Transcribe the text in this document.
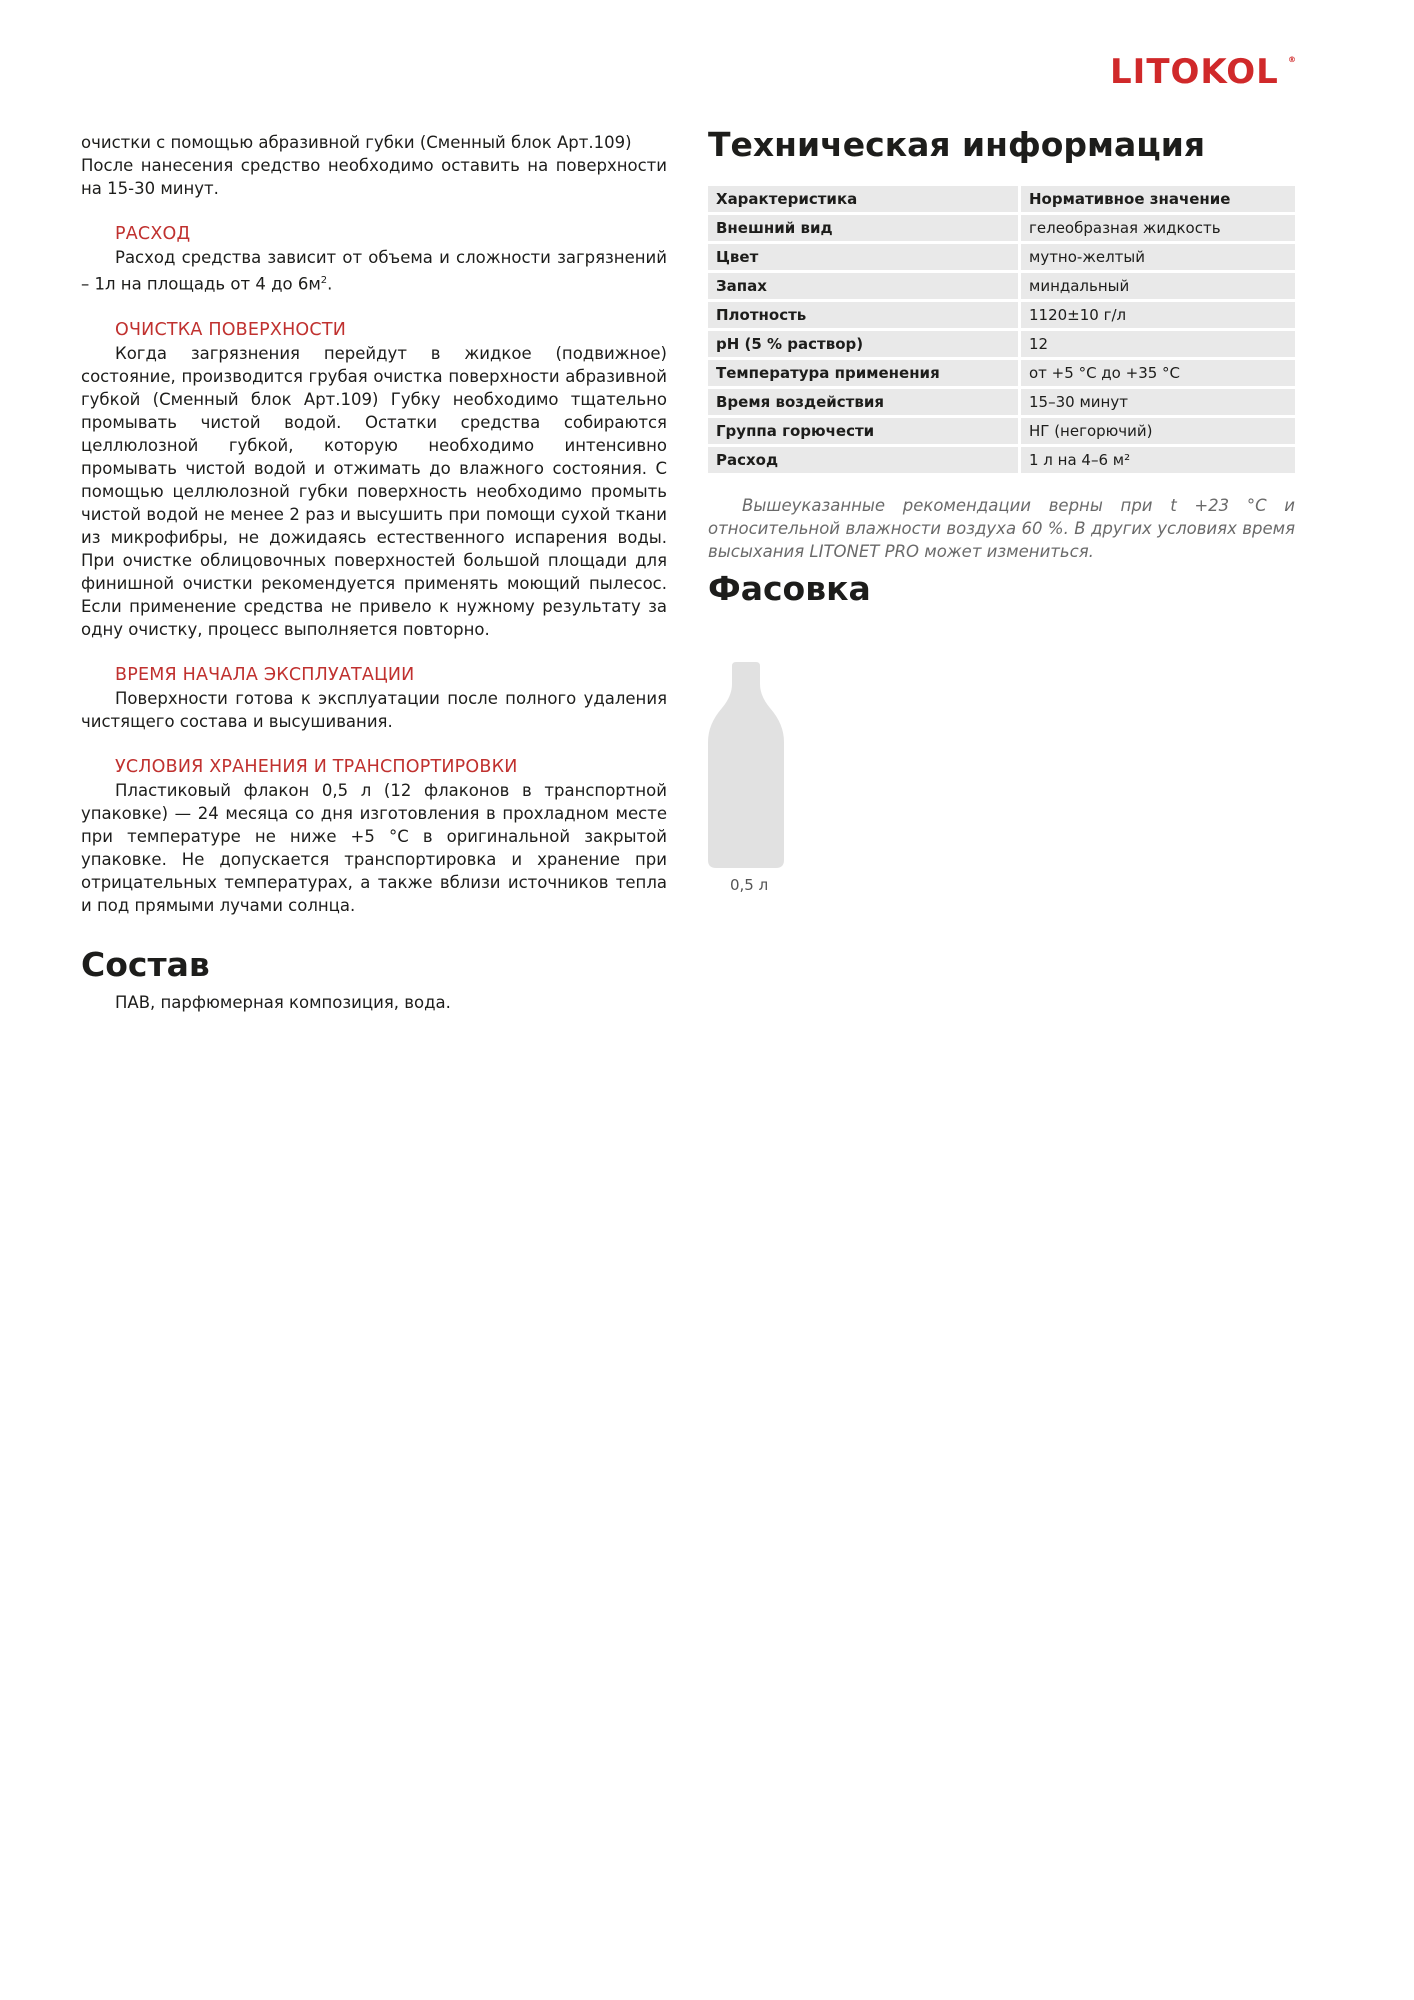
LITOKOL ®

очистки с помощью абразивной губки (Сменный блок Арт.109)

После нанесения средство необходимо оставить на поверхности на 15-30 минут.

РАСХОД

Расход средства зависит от объема и сложности загрязнений – 1л на площадь от 4 до $6м^2$.

ОЧИСТКА ПОВЕРХНОСТИ

Когда загрязнения перейдут в жидкое (подвижное) состояние, производится грубая очистка поверхности абразивной губкой (Сменный блок Арт.109) Губку необходимо тщательно промывать чистой водой. Остатки средства собираются целлюлозной губкой, которую необходимо интенсивно промывать чистой водой и отжимать до влажного состояния. С помощью целлюлозной губки поверхность необходимо промыть чистой водой не менее 2 раз и высушить при помощи сухой ткани из микрофибры, не дожидаясь естественного испарения воды. При очистке облицовочных поверхностей большой площади для финишной очистки рекомендуется применять моющий пылесос. Если применение средства не привело к нужному результату за одну очистку, процесс выполняется повторно.

ВРЕМЯ НАЧАЛА ЭКСПЛУАТАЦИИ

Поверхности готова к эксплуатации после полного удаления чистящего состава и высушивания.

УСЛОВИЯ ХРАНЕНИЯ И ТРАНСПОРТИРОВКИ

Пластиковый флакон 0,5 л (12 флаконов в транспортной упаковке) — 24 месяца со дня изготовления в прохладном месте при температуре не ниже +5 °С в оригинальной закрытой упаковке. Не допускается транспортировка и хранение при отрицательных температурах, а также вблизи источников тепла и под прямыми лучами солнца.

Состав

ПАВ, парфюмерная композиция, вода.

Техническая информация
Характеристика	Нормативное значение
Внешний вид	гелеобразная жидкость
Цвет	мутно-желтый
Запах	миндальный
Плотность	1120±10 г/л
pH (5 % раствор)	12
Температура применения	от +5 °С до +35 °С
Время воздействия	15–30 минут
Группа горючести	НГ (негорючий)
Расход	1 л на 4–6 м²

Вышеуказанные рекомендации верны при t +23 °С и относительной влажности воздуха 60 %. В других условиях время высыхания LITONET PRO может измениться.

Фасовка
0,5 л
